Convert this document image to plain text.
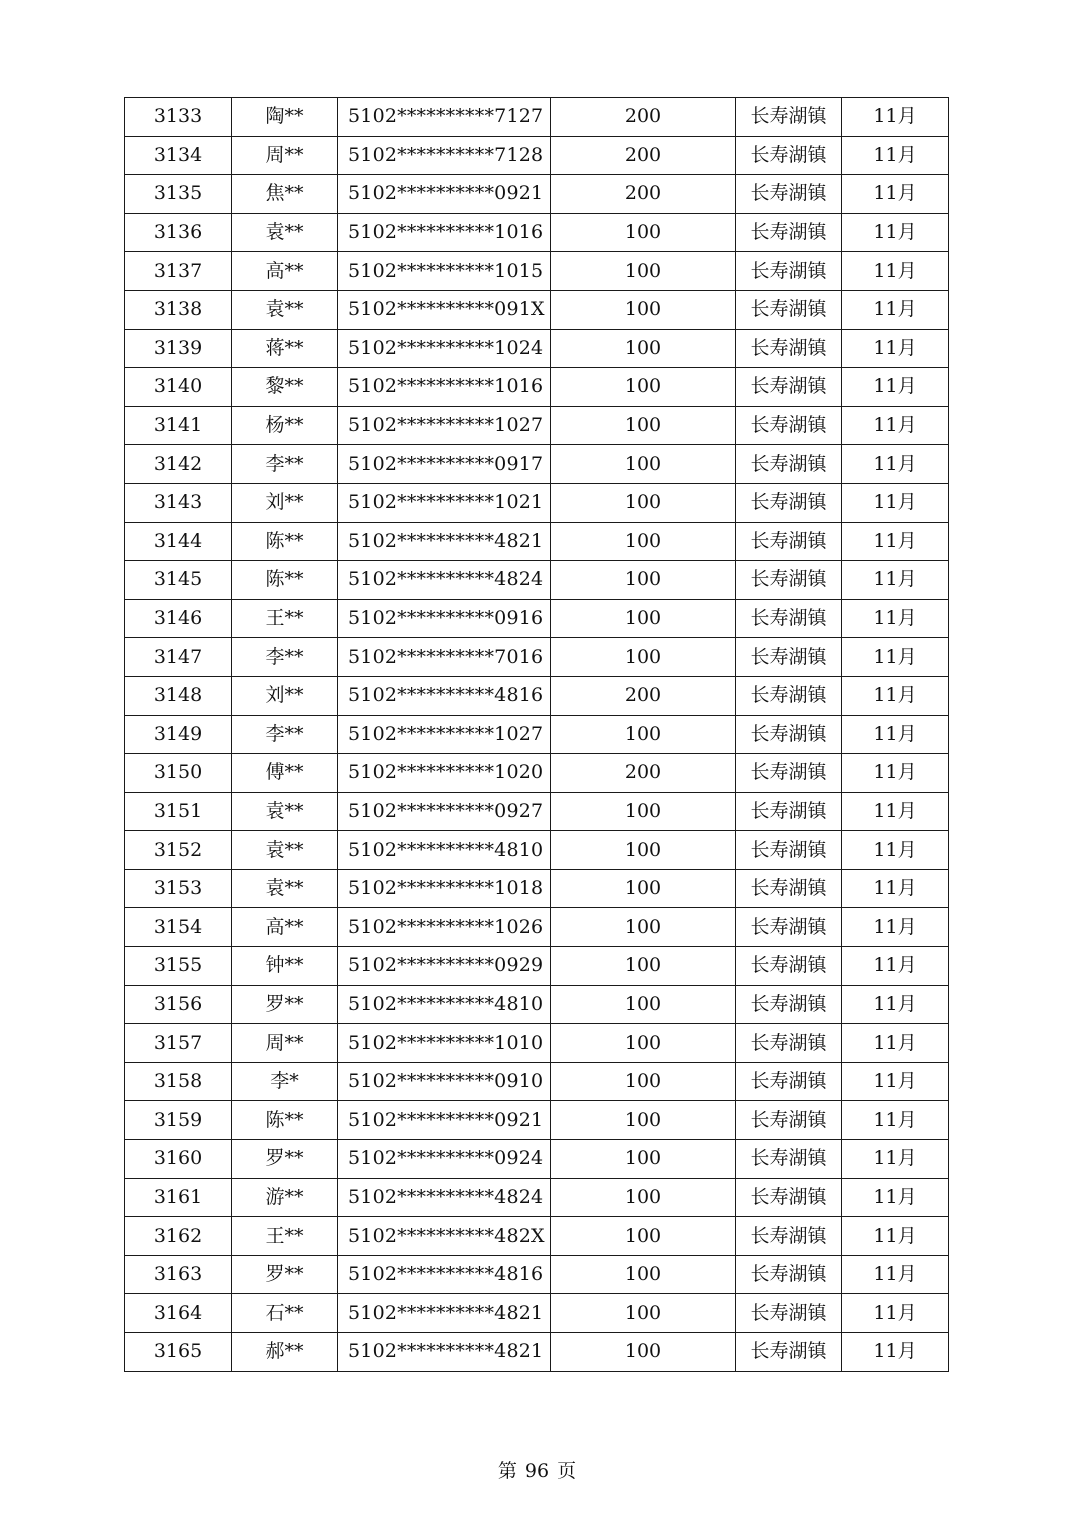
3133	陶**	5102**********7127	200	长寿湖镇	11月
3134	周**	5102**********7128	200	长寿湖镇	11月
3135	焦**	5102**********0921	200	长寿湖镇	11月
3136	袁**	5102**********1016	100	长寿湖镇	11月
3137	高**	5102**********1015	100	长寿湖镇	11月
3138	袁**	5102**********091X	100	长寿湖镇	11月
3139	蒋**	5102**********1024	100	长寿湖镇	11月
3140	黎**	5102**********1016	100	长寿湖镇	11月
3141	杨**	5102**********1027	100	长寿湖镇	11月
3142	李**	5102**********0917	100	长寿湖镇	11月
3143	刘**	5102**********1021	100	长寿湖镇	11月
3144	陈**	5102**********4821	100	长寿湖镇	11月
3145	陈**	5102**********4824	100	长寿湖镇	11月
3146	王**	5102**********0916	100	长寿湖镇	11月
3147	李**	5102**********7016	100	长寿湖镇	11月
3148	刘**	5102**********4816	200	长寿湖镇	11月
3149	李**	5102**********1027	100	长寿湖镇	11月
3150	傅**	5102**********1020	200	长寿湖镇	11月
3151	袁**	5102**********0927	100	长寿湖镇	11月
3152	袁**	5102**********4810	100	长寿湖镇	11月
3153	袁**	5102**********1018	100	长寿湖镇	11月
3154	高**	5102**********1026	100	长寿湖镇	11月
3155	钟**	5102**********0929	100	长寿湖镇	11月
3156	罗**	5102**********4810	100	长寿湖镇	11月
3157	周**	5102**********1010	100	长寿湖镇	11月
3158	李*	5102**********0910	100	长寿湖镇	11月
3159	陈**	5102**********0921	100	长寿湖镇	11月
3160	罗**	5102**********0924	100	长寿湖镇	11月
3161	游**	5102**********4824	100	长寿湖镇	11月
3162	王**	5102**********482X	100	长寿湖镇	11月
3163	罗**	5102**********4816	100	长寿湖镇	11月
3164	石**	5102**********4821	100	长寿湖镇	11月
3165	郝**	5102**********4821	100	长寿湖镇	11月
第 96 页
